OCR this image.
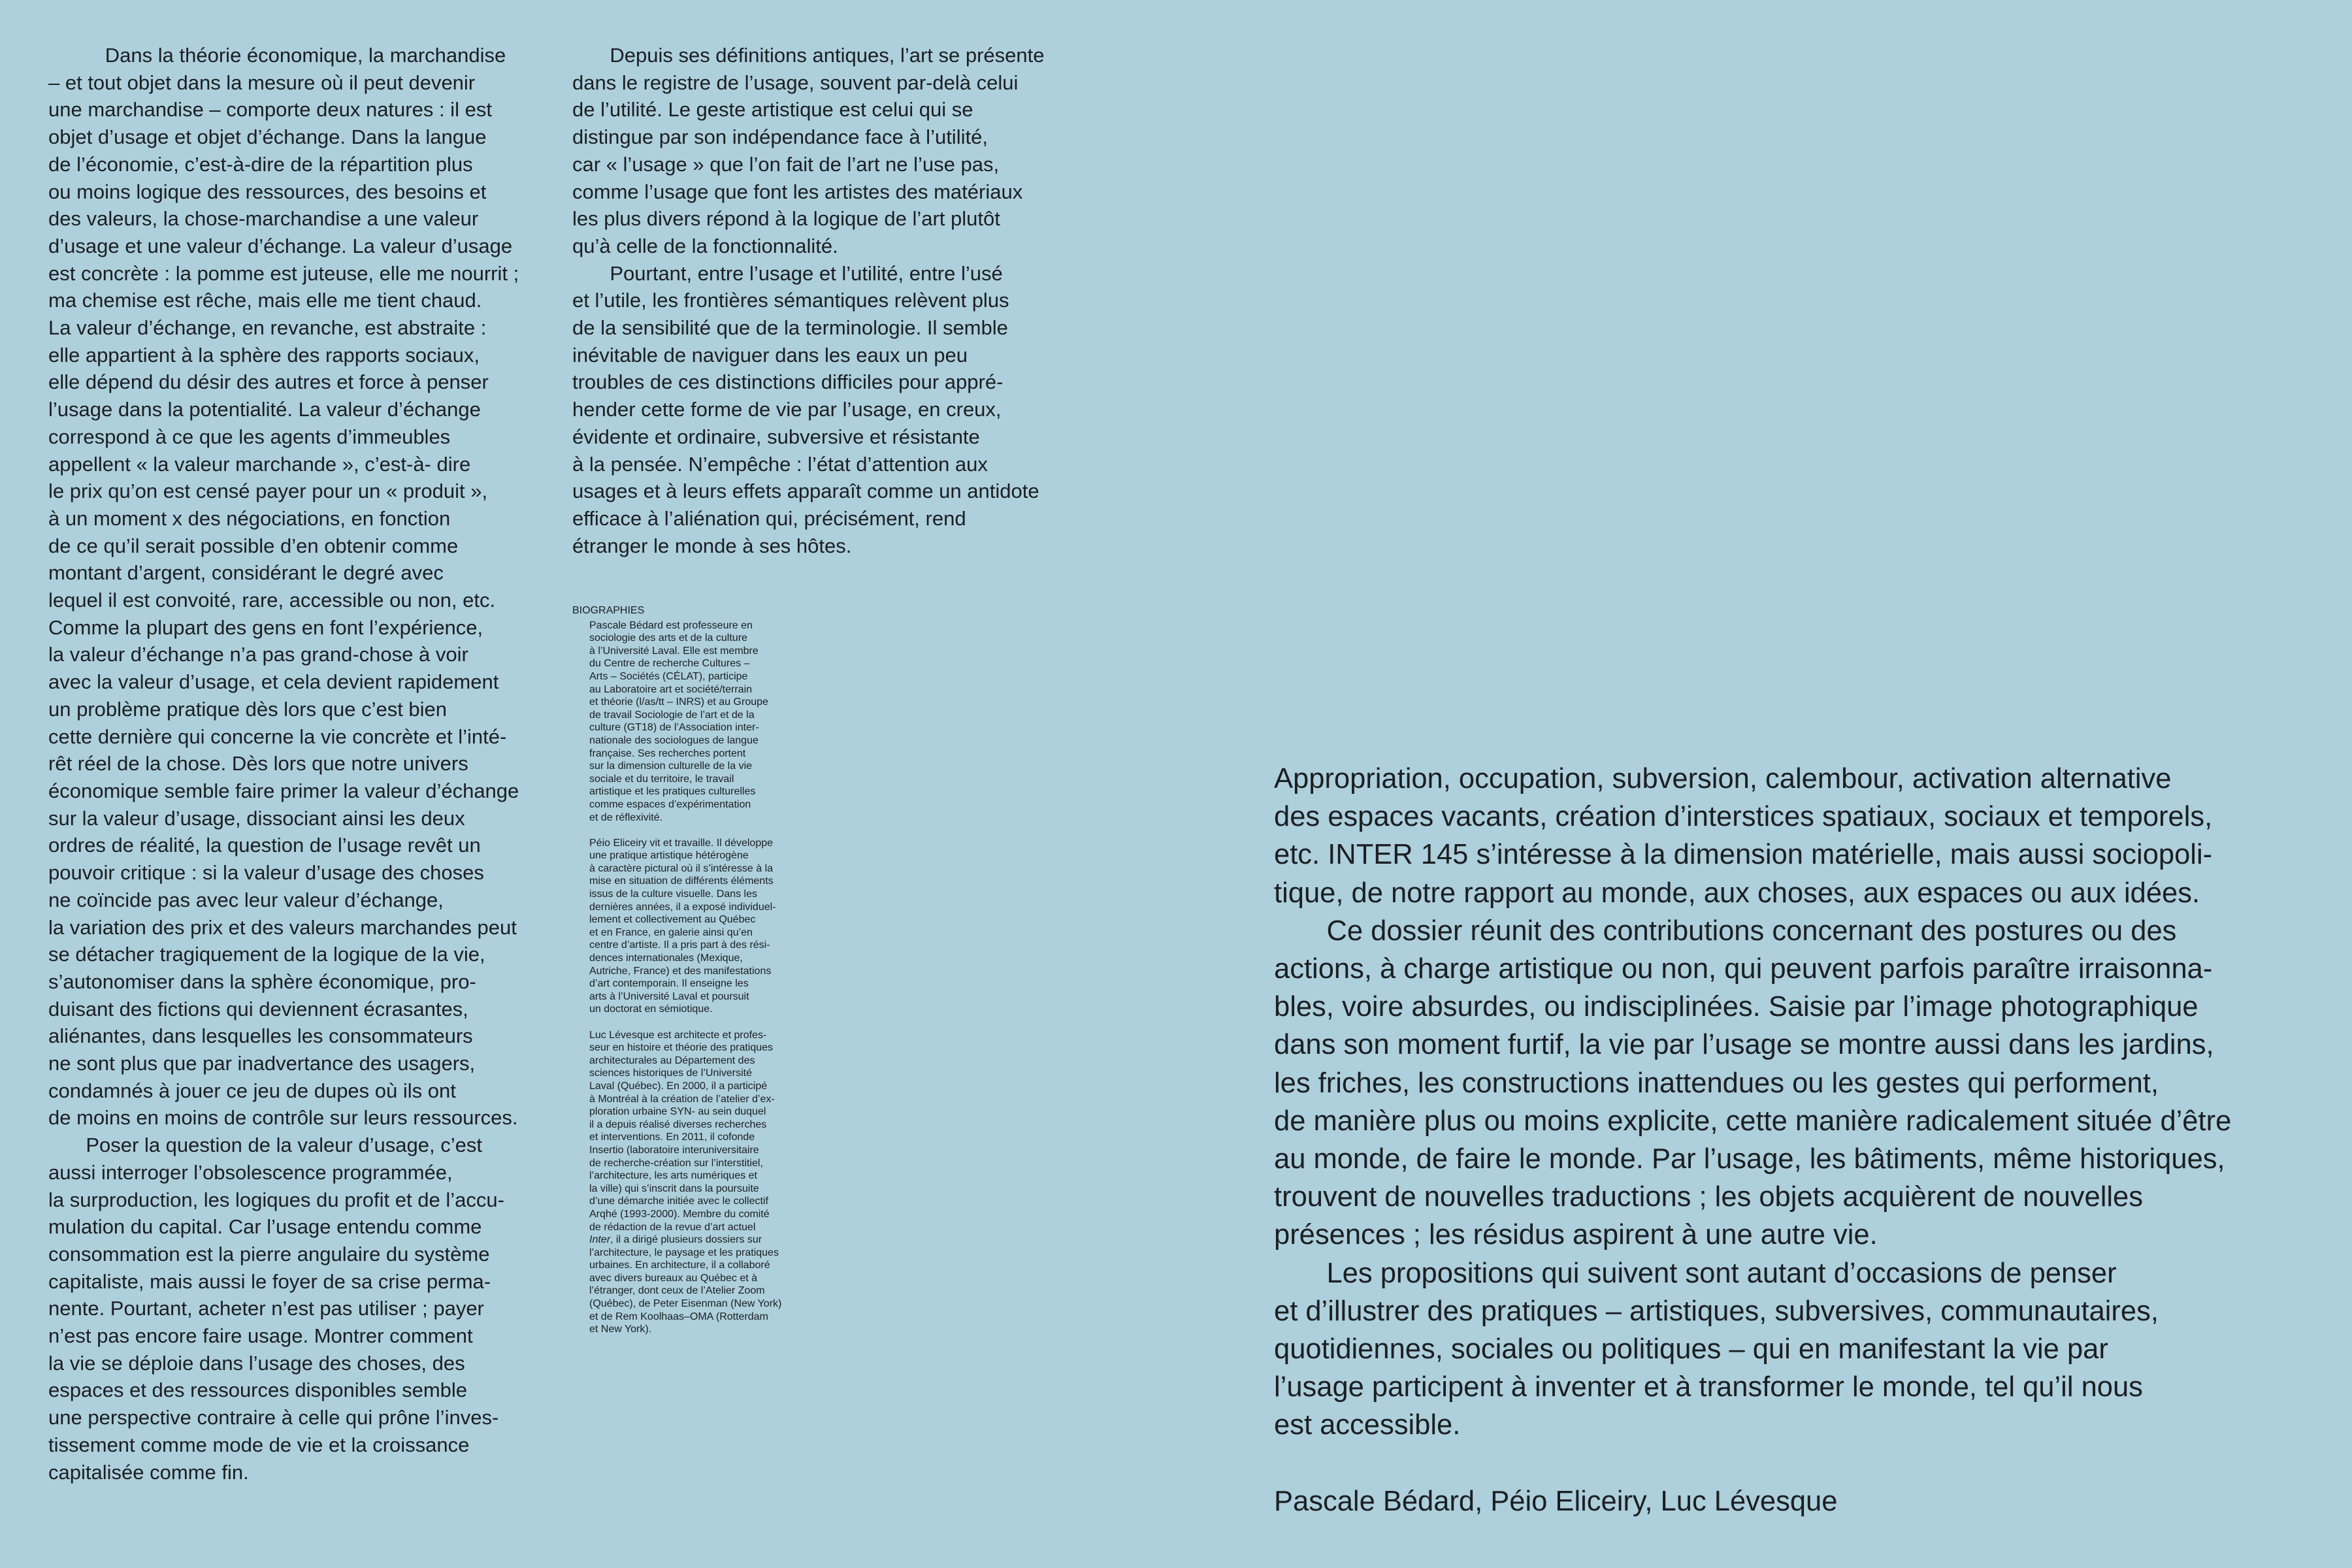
Dans la théorie économique, la marchandise
– et tout objet dans la mesure où il peut devenir
une marchandise – comporte deux natures : il est
objet d’usage et objet d’échange. Dans la langue
de l’économie, c’est-à-dire de la répartition plus
ou moins logique des ressources, des besoins et
des valeurs, la chose-marchandise a une valeur
d’usage et une valeur d’échange. La valeur d’usage
est concrète : la pomme est juteuse, elle me nourrit ;
ma chemise est rêche, mais elle me tient chaud.
La valeur d’échange, en revanche, est abstraite :
elle appartient à la sphère des rapports sociaux,
elle dépend du désir des autres et force à penser
l’usage dans la potentialité. La valeur d’échange
correspond à ce que les agents d’immeubles
appellent « la valeur marchande », c’est-à- dire
le prix qu’on est censé payer pour un « produit »,
à un moment x des négociations, en fonction
de ce qu’il serait possible d’en obtenir comme
montant d’argent, considérant le degré avec
lequel il est convoité, rare, accessible ou non, etc.
Comme la plupart des gens en font l’expérience,
la valeur d’échange n’a pas grand-chose à voir
avec la valeur d’usage, et cela devient rapidement
un problème pratique dès lors que c’est bien
cette dernière qui concerne la vie concrète et l’inté-
rêt réel de la chose. Dès lors que notre univers
économique semble faire primer la valeur d’échange
sur la valeur d’usage, dissociant ainsi les deux
ordres de réalité, la question de l’usage revêt un
pouvoir critique : si la valeur d’usage des choses
ne coïncide pas avec leur valeur d’échange,
la variation des prix et des valeurs marchandes peut
se détacher tragiquement de la logique de la vie,
s’autonomiser dans la sphère économique, pro-
duisant des fictions qui deviennent écrasantes,
aliénantes, dans lesquelles les consommateurs
ne sont plus que par inadvertance des usagers,
condamnés à jouer ce jeu de dupes où ils ont
de moins en moins de contrôle sur leurs ressources.

Poser la question de la valeur d’usage, c’est
aussi interroger l’obsolescence programmée,
la surproduction, les logiques du profit et de l’accu-
mulation du capital. Car l’usage entendu comme
consommation est la pierre angulaire du système
capitaliste, mais aussi le foyer de sa crise perma-
nente. Pourtant, acheter n’est pas utiliser ; payer
n’est pas encore faire usage. Montrer comment
la vie se déploie dans l’usage des choses, des
espaces et des ressources disponibles semble
une perspective contraire à celle qui prône l’inves-
tissement comme mode de vie et la croissance
capitalisée comme fin.

Depuis ses définitions antiques, l’art se présente
dans le registre de l’usage, souvent par-delà celui
de l’utilité. Le geste artistique est celui qui se
distingue par son indépendance face à l’utilité,
car « l’usage » que l’on fait de l’art ne l’use pas,
comme l’usage que font les artistes des matériaux
les plus divers répond à la logique de l’art plutôt
qu’à celle de la fonctionnalité.

Pourtant, entre l’usage et l’utilité, entre l’usé
et l’utile, les frontières sémantiques relèvent plus
de la sensibilité que de la terminologie. Il semble
inévitable de naviguer dans les eaux un peu
troubles de ces distinctions difficiles pour appré-
hender cette forme de vie par l’usage, en creux,
évidente et ordinaire, subversive et résistante
à la pensée. N’empêche : l’état d’attention aux
usages et à leurs effets apparaît comme un antidote
efficace à l’aliénation qui, précisément, rend
étranger le monde à ses hôtes.

BIOGRAPHIES

Pascale Bédard est professeure en
sociologie des arts et de la culture
à l’Université Laval. Elle est membre
du Centre de recherche Cultures –
Arts – Sociétés (CÉLAT), participe
au Laboratoire art et société/terrain
et théorie (l/as/tt – INRS) et au Groupe
de travail Sociologie de l’art et de la
culture (GT18) de l’Association inter-
nationale des sociologues de langue
française. Ses recherches portent
sur la dimension culturelle de la vie
sociale et du territoire, le travail
artistique et les pratiques culturelles
comme espaces d’expérimentation
et de réflexivité.

Péio Eliceiry vit et travaille. Il développe
une pratique artistique hétérogène
à caractère pictural où il s’intéresse à la
mise en situation de différents éléments
issus de la culture visuelle. Dans les
dernières années, il a exposé individuel-
lement et collectivement au Québec
et en France, en galerie ainsi qu’en
centre d’artiste. Il a pris part à des rési-
dences internationales (Mexique,
Autriche, France) et des manifestations
d’art contemporain. Il enseigne les
arts à l’Université Laval et poursuit
un doctorat en sémiotique.

Luc Lévesque est architecte et profes-
seur en histoire et théorie des pratiques
architecturales au Département des
sciences historiques de l’Université
Laval (Québec). En 2000, il a participé
à Montréal à la création de l’atelier d’ex-
ploration urbaine SYN- au sein duquel
il a depuis réalisé diverses recherches
et interventions. En 2011, il cofonde
Insertio (laboratoire interuniversitaire
de recherche-création sur l’interstitiel,
l’architecture, les arts numériques et
la ville) qui s’inscrit dans la poursuite
d’une démarche initiée avec le collectif
Arqhé (1993-2000). Membre du comité
de rédaction de la revue d’art actuel
Inter, il a dirigé plusieurs dossiers sur
l’architecture, le paysage et les pratiques
urbaines. En architecture, il a collaboré
avec divers bureaux au Québec et à
l’étranger, dont ceux de l’Atelier Zoom
(Québec), de Peter Eisenman (New York)
et de Rem Koolhaas–OMA (Rotterdam
et New York).

Appropriation, occupation, subversion, calembour, activation alternative
des espaces vacants, création d’interstices spatiaux, sociaux et temporels,
etc. INTER 145 s’intéresse à la dimension matérielle, mais aussi sociopoli-
tique, de notre rapport au monde, aux choses, aux espaces ou aux idées.

Ce dossier réunit des contributions concernant des postures ou des
actions, à charge artistique ou non, qui peuvent parfois paraître irraisonna-
bles, voire absurdes, ou indisciplinées. Saisie par l’image photographique
dans son moment furtif, la vie par l’usage se montre aussi dans les jardins,
les friches, les constructions inattendues ou les gestes qui performent,
de manière plus ou moins explicite, cette manière radicalement située d’être
au monde, de faire le monde. Par l’usage, les bâtiments, même historiques,
trouvent de nouvelles traductions ; les objets acquièrent de nouvelles
présences ; les résidus aspirent à une autre vie.

Les propositions qui suivent sont autant d’occasions de penser
et d’illustrer des pratiques – artistiques, subversives, communautaires,
quotidiennes, sociales ou politiques – qui en manifestant la vie par
l’usage participent à inventer et à transformer le monde, tel qu’il nous
est accessible.

Pascale Bédard, Péio Eliceiry, Luc Lévesque
